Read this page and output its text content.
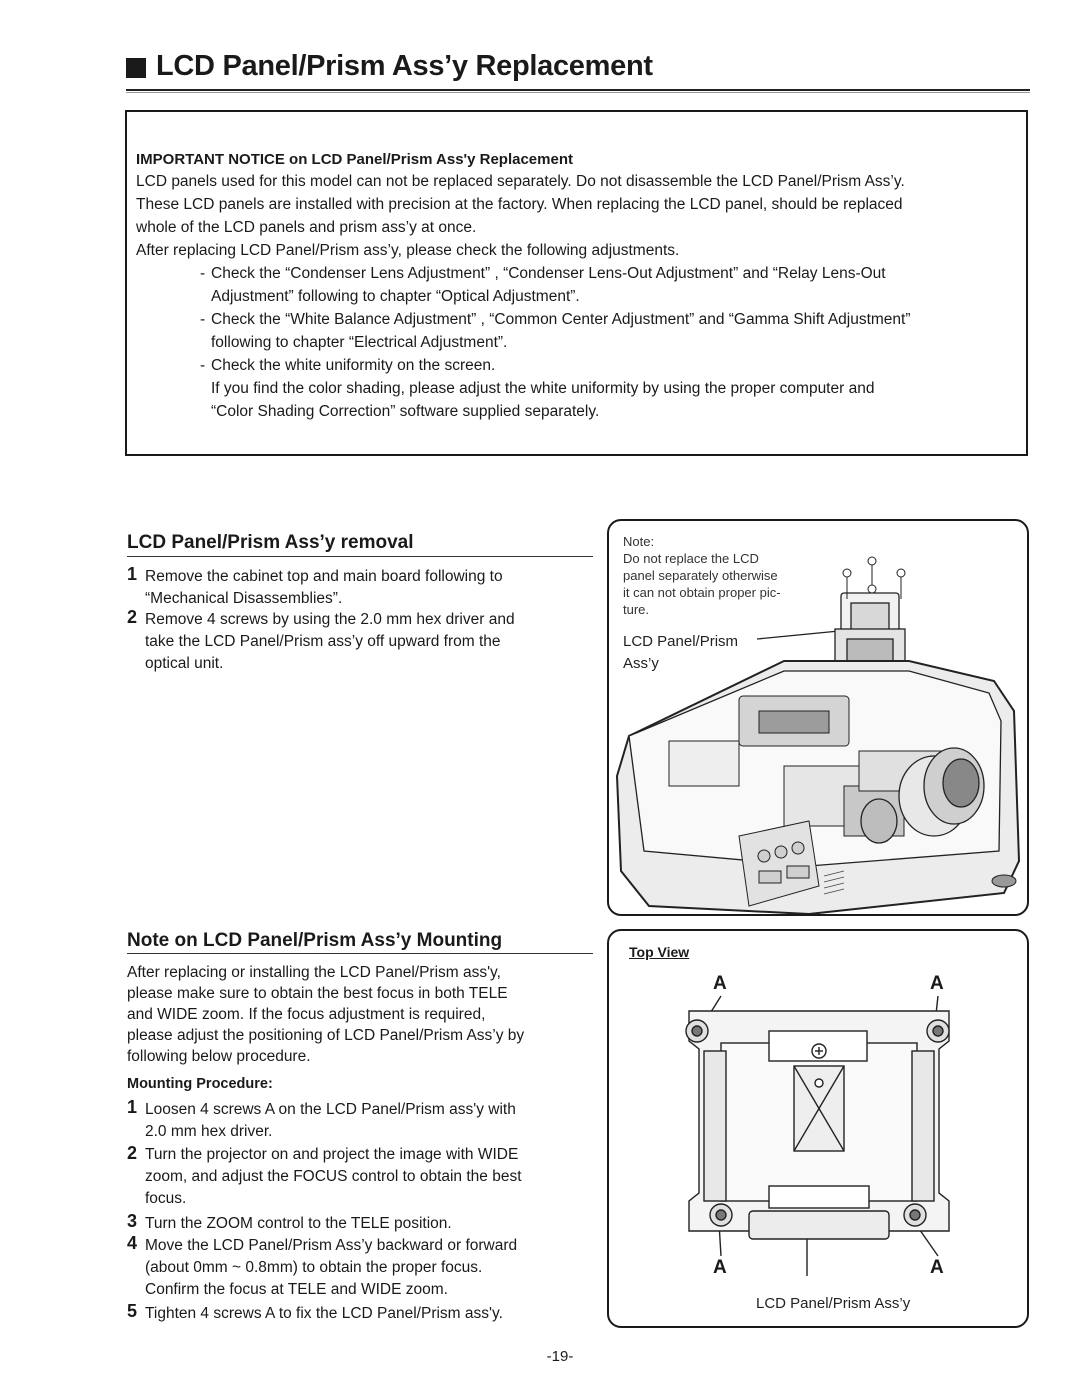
LCD Panel/Prism Ass’y Replacement
IMPORTANT NOTICE on LCD Panel/Prism Ass'y Replacement
LCD panels used for this model can not be replaced separately. Do not disassemble the LCD Panel/Prism Ass’y.
These LCD panels are installed with precision at the factory. When replacing the LCD panel, should be replaced
whole of the LCD panels and prism ass’y at once.
After replacing LCD Panel/Prism ass’y, please check the following adjustments.
- Check the “Condenser Lens Adjustment” , “Condenser Lens-Out Adjustment” and “Relay Lens-Out
Adjustment” following to chapter “Optical Adjustment”.
- Check the “White Balance Adjustment” , “Common Center Adjustment” and “Gamma Shift Adjustment”
following to chapter “Electrical Adjustment”.
- Check the white uniformity on the screen.
If you find the color shading, please adjust the white uniformity by using the proper computer and
“Color Shading Correction” software supplied separately.
LCD Panel/Prism Ass’y removal
1 Remove the cabinet top and main board following to
“Mechanical Disassemblies”.
2 Remove 4 screws by using the 2.0 mm hex driver and
take the LCD Panel/Prism ass’y off upward from the
optical unit.
Note:
Do not replace the LCD
panel separately otherwise
it can not obtain proper pic-
ture.
LCD Panel/Prism
Ass’y
Note on LCD Panel/Prism Ass’y Mounting
After replacing or installing the LCD Panel/Prism ass'y,
please make sure to obtain the best focus in both TELE
and WIDE zoom. If the focus adjustment is required,
please adjust the positioning of LCD Panel/Prism Ass’y by
following below procedure.
Mounting Procedure:
1 Loosen 4 screws A on the LCD Panel/Prism ass'y with
2.0 mm hex driver.
2 Turn the projector on and project the image with WIDE
zoom, and adjust the FOCUS control to obtain the best
focus.
3 Turn the ZOOM control to the TELE position.
4 Move the LCD Panel/Prism Ass’y backward or forward
(about 0mm ~ 0.8mm) to obtain the proper focus.
Confirm the focus at TELE and WIDE zoom.
5 Tighten 4 screws A to fix the LCD Panel/Prism ass'y.
Top View
A	A
A	A
LCD Panel/Prism Ass’y
-19-
